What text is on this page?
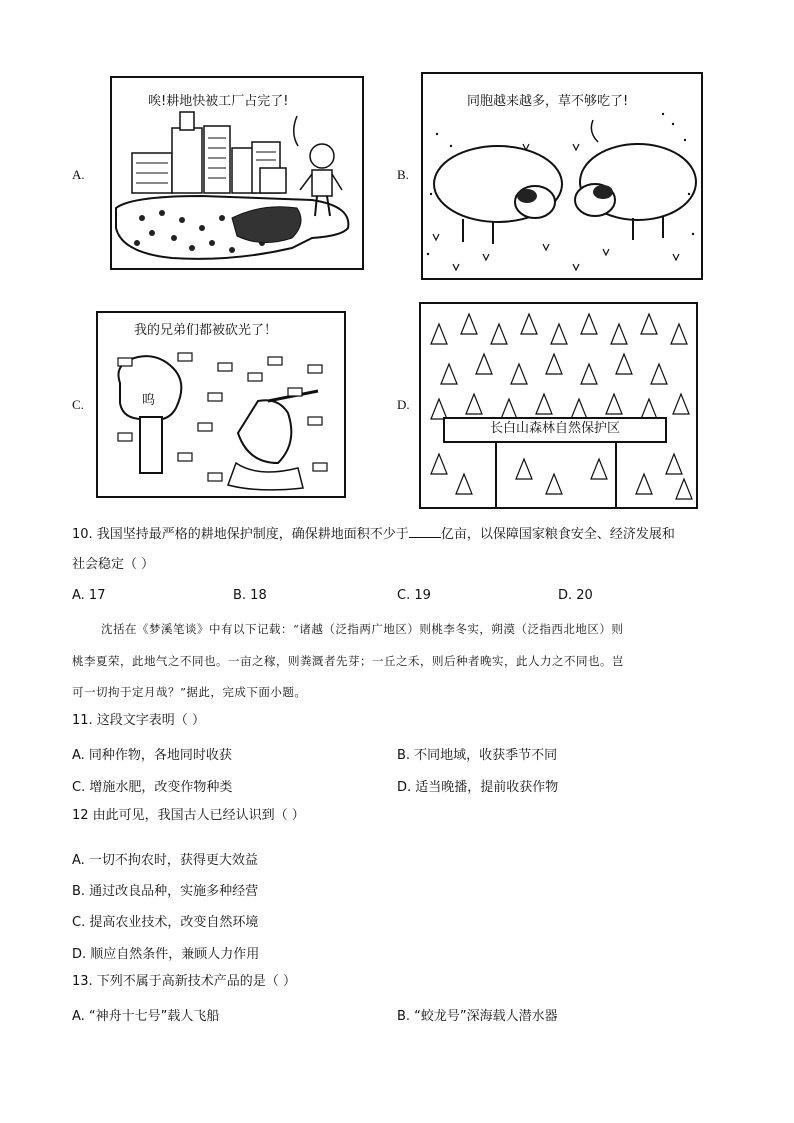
A.
唉!耕地快被工厂占完了!
B.
同胞越来越多，草不够吃了!
C.
我的兄弟们都被砍光了！
呜	D.
长白山森林自然保护区
10. 我国坚持最严格的耕地保护制度，确保耕地面积不少于 亿亩，以保障国家粮食安全、经济发展和
社会稳定（ ）
A. 17	B. 18	C. 19	D. 20
沈括在《梦溪笔谈》中有以下记载：“诸越（泛指两广地区）则桃李冬实，朔漠（泛指西北地区）则
桃李夏荣，此地气之不同也。一亩之稼，则粪溉者先芽；一丘之禾，则后种者晚实，此人力之不同也。岂
可一切拘于定月哉？”据此，完成下面小题。
11. 这段文字表明（ ）
A. 同种作物，各地同时收获	B. 不同地域，收获季节不同
C. 增施水肥，改变作物种类	D. 适当晚播，提前收获作物
12 由此可见，我国古人已经认识到（ ）
A. 一切不拘农时，获得更大效益
B. 通过改良品种，实施多种经营
C. 提高农业技术，改变自然环境
D. 顺应自然条件，兼顾人力作用
13. 下列不属于高新技术产品的是（ ）
A. “神舟十七号”载人飞船	B. “蛟龙号”深海载人潜水器
